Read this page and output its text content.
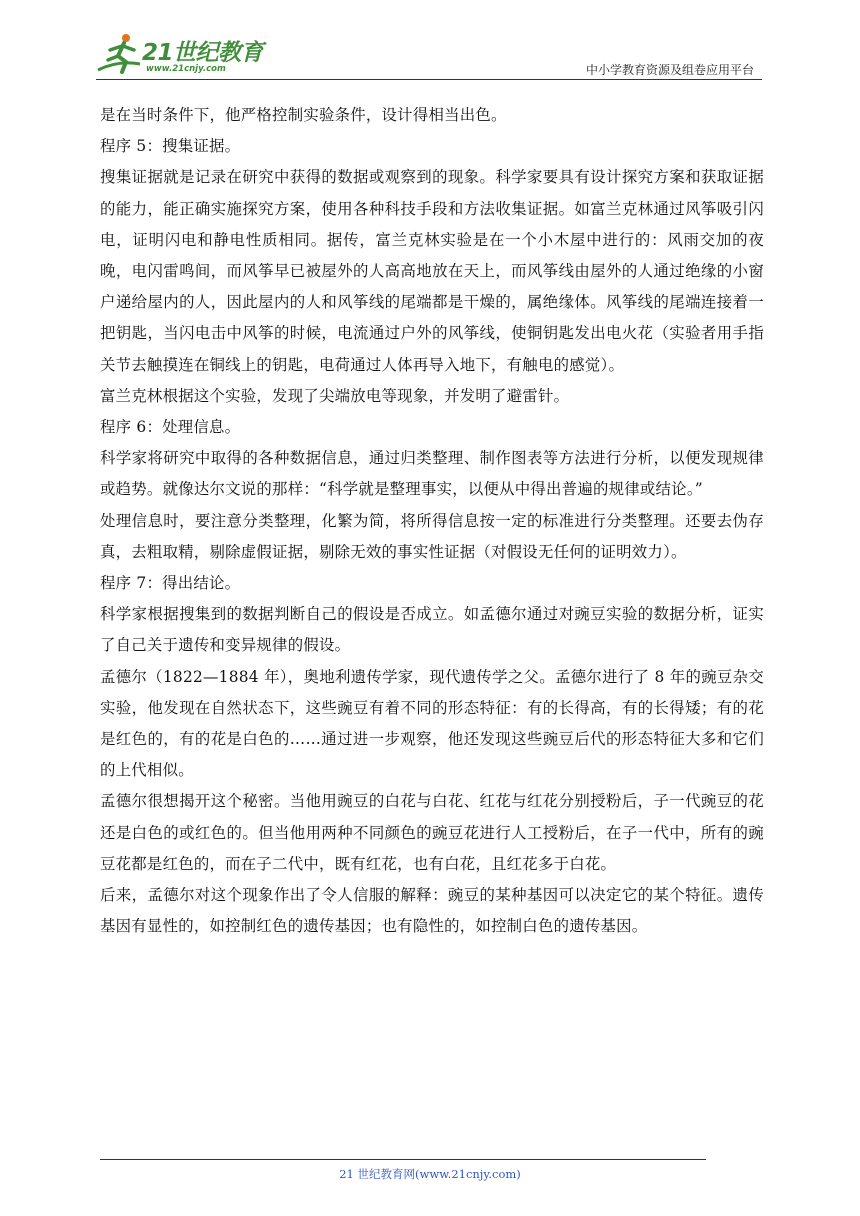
21世纪教育
www.21cnjy.com	中小学教育资源及组卷应用平台

是在当时条件下，他严格控制实验条件，设计得相当出色。

程序 5：搜集证据。

搜集证据就是记录在研究中获得的数据或观察到的现象。科学家要具有设计探究方案和获取证据的能力，能正确实施探究方案，使用各种科技手段和方法收集证据。如富兰克林通过风筝吸引闪电，证明闪电和静电性质相同。据传，富兰克林实验是在一个小木屋中进行的：风雨交加的夜晚，电闪雷鸣间，而风筝早已被屋外的人高高地放在天上，而风筝线由屋外的人通过绝缘的小窗户递给屋内的人，因此屋内的人和风筝线的尾端都是干燥的，属绝缘体。风筝线的尾端连接着一把钥匙，当闪电击中风筝的时候，电流通过户外的风筝线，使铜钥匙发出电火花（实验者用手指关节去触摸连在铜线上的钥匙，电荷通过人体再导入地下，有触电的感觉）。

富兰克林根据这个实验，发现了尖端放电等现象，并发明了避雷针。

程序 6：处理信息。

科学家将研究中取得的各种数据信息，通过归类整理、制作图表等方法进行分析，以便发现规律或趋势。就像达尔文说的那样：“科学就是整理事实，以便从中得出普遍的规律或结论。”

处理信息时，要注意分类整理，化繁为简，将所得信息按一定的标准进行分类整理。还要去伪存真，去粗取精，剔除虚假证据，剔除无效的事实性证据（对假设无任何的证明效力）。

程序 7：得出结论。

科学家根据搜集到的数据判断自己的假设是否成立。如孟德尔通过对豌豆实验的数据分析，证实了自己关于遗传和变异规律的假设。

孟德尔（1822—1884 年），奥地利遗传学家，现代遗传学之父。孟德尔进行了 8 年的豌豆杂交实验，他发现在自然状态下，这些豌豆有着不同的形态特征：有的长得高，有的长得矮；有的花是红色的，有的花是白色的……通过进一步观察，他还发现这些豌豆后代的形态特征大多和它们的上代相似。

孟德尔很想揭开这个秘密。当他用豌豆的白花与白花、红花与红花分别授粉后，子一代豌豆的花还是白色的或红色的。但当他用两种不同颜色的豌豆花进行人工授粉后，在子一代中，所有的豌豆花都是红色的，而在子二代中，既有红花，也有白花，且红花多于白花。

后来，孟德尔对这个现象作出了令人信服的解释：豌豆的某种基因可以决定它的某个特征。遗传基因有显性的，如控制红色的遗传基因；也有隐性的，如控制白色的遗传基因。

21 世纪教育网(www.21cnjy.com)
